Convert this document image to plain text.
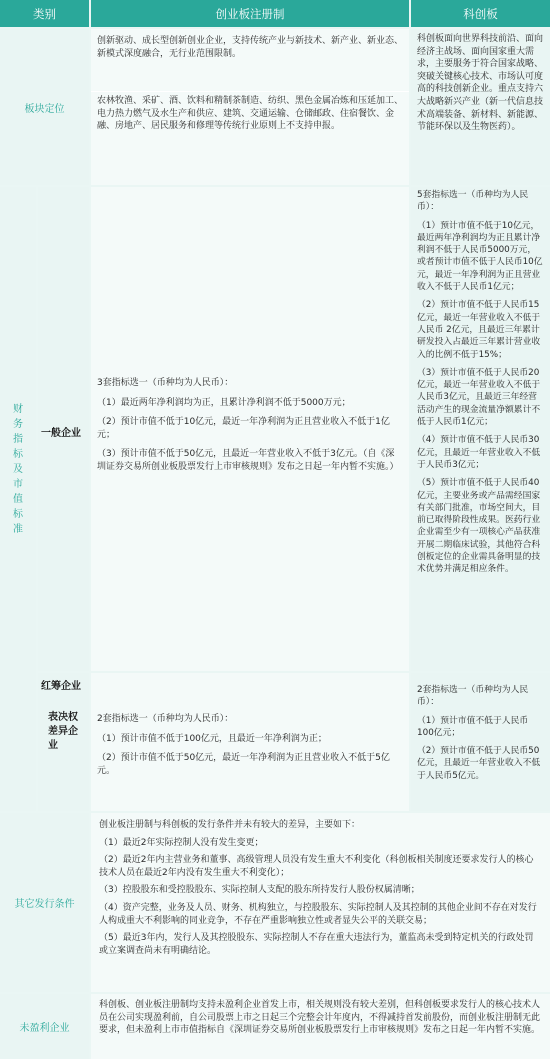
类别	创业板注册制	科创板
板块定位
创新驱动、成长型创新创业企业，支持传统产业与新技术、新产业、新业态、新模式深度融合，无行业范围限制。
农林牧渔、采矿、酒、饮料和精制茶制造、纺织、黑色金属冶炼和压延加工、电力热力燃气及水生产和供应、建筑、交通运输、仓储邮政、住宿餐饮、金融、房地产、居民服务和修理等传统行业原则上不支持申报。
科创板面向世界科技前沿、面向经济主战场、面向国家重大需求，主要服务于符合国家战略、突破关键核心技术、市场认可度高的科技创新企业。重点支持六大战略新兴产业（新一代信息技术高端装备、新材料、新能源、节能环保以及生物医药）。
财务指标及市值标准
一般企业
红筹企业
表决权差异企业

3套指标选一（币种均为人民币）：

（1）最近两年净利润均为正，且累计净利润不低于5000万元；

（2）预计市值不低于10亿元，最近一年净利润为正且营业收入不低于1亿元；

（3）预计市值不低于50亿元，且最近一年营业收入不低于3亿元。（自《深圳证券交易所创业板股票发行上市审核规则》发布之日起一年内暂不实施。）

2套指标选一（币种均为人民币）：

（1）预计市值不低于100亿元，且最近一年净利润为正；

（2）预计市值不低于50亿元，最近一年净利润为正且营业收入不低于5亿元。

5套指标选一（币种均为人民币）：

（1）预计市值不低于10亿元，最近两年净利润均为正且累计净利润不低于人民币5000万元，或者预计市值不低于人民币10亿元，最近一年净利润为正且营业收入不低于人民币1亿元；

（2）预计市值不低于人民币15亿元，最近一年营业收入不低于人民币 2亿元，且最近三年累计研发投入占最近三年累计营业收入的比例不低于15%；

（3）预计市值不低于人民币20亿元，最近一年营业收入不低于人民币3亿元，且最近三年经营活动产生的现金流量净额累计不低于人民币1亿元；

（4）预计市值不低于人民币30亿元，且最近一年营业收入不低于人民币3亿元；

（5）预计市值不低于人民币40亿元，主要业务或产品需经国家有关部门批准，市场空间大，目前已取得阶段性成果。医药行业企业需至少有一项核心产品获准开展二期临床试验，其他符合科创板定位的企业需具备明显的技术优势并满足相应条件。

2套指标选一（币种均为人民币）：

（1）预计市值不低于人民币100亿元；

（2）预计市值不低于人民币50亿元，且最近一年营业收入不低于人民币5亿元。

其它发行条件

创业板注册制与科创板的发行条件并未有较大的差异，主要如下：

（1）最近2年实际控制人没有发生变更；

（2）最近2年内主营业务和董事、高级管理人员没有发生重大不利变化（科创板相关制度还要求发行人的核心技术人员在最近2年内没有发生重大不利变化）；

（3）控股股东和受控股股东、实际控制人支配的股东所持发行人股份权属清晰；

（4）资产完整，业务及人员、财务、机构独立，与控股股东、实际控制人及其控制的其他企业间不存在对发行人构成重大不利影响的同业竞争，不存在严重影响独立性或者显失公平的关联交易；

（5）最近3年内，发行人及其控股股东、实际控制人不存在重大违法行为，董监高未受到特定机关的行政处罚或立案调查尚未有明确结论。

未盈利企业
科创板、创业板注册制均支持未盈利企业首发上市，相关规则没有较大差别，但科创板要求发行人的核心技术人员在公司实现盈利前，自公司股票上市之日起三个完整会计年度内，不得减持首发前股份，而创业板注册制无此要求，但未盈利上市市值指标自《深圳证券交易所创业板股票发行上市审核规则》发布之日起一年内暂不实施。
